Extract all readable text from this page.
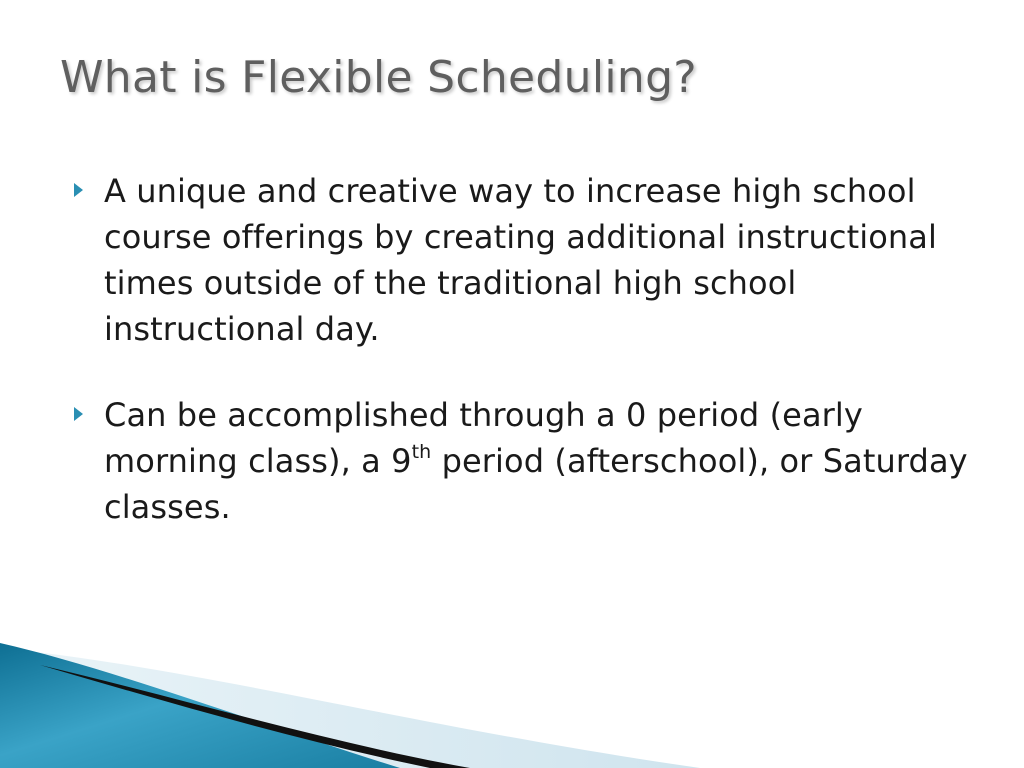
What is Flexible Scheduling?
A unique and creative way to increase high school course offerings by creating additional instructional times outside of the traditional high school instructional day.
Can be accomplished through a 0 period (early morning class), a 9th period (afterschool), or Saturday classes.
